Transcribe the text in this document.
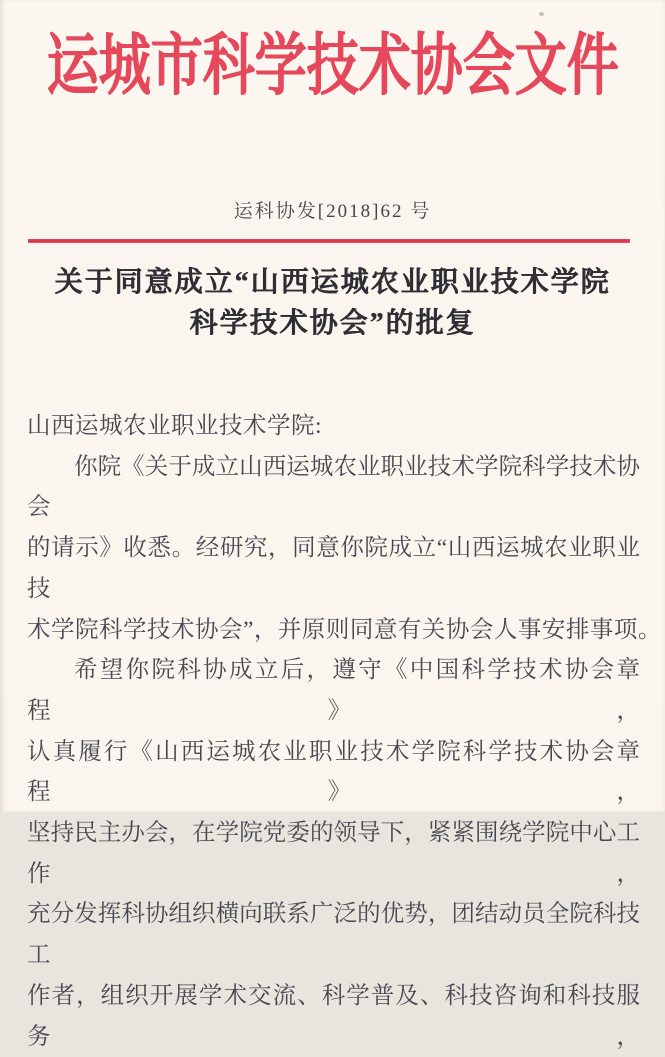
运城市科学技术协会文件
运科协发[2018]62 号
关于同意成立“山西运城农业职业技术学院
科学技术协会”的批复
山西运城农业职业技术学院:
你院《关于成立山西运城农业职业技术学院科学技术协会
的请示》收悉。经研究，同意你院成立“山西运城农业职业技
术学院科学技术协会”，并原则同意有关协会人事安排事项。
希望你院科协成立后，遵守《中国科学技术协会章程》，
认真履行《山西运城农业职业技术学院科学技术协会章程》，
坚持民主办会，在学院党委的领导下，紧紧围绕学院中心工作，
充分发挥科协组织横向联系广泛的优势，团结动员全院科技工
作者，组织开展学术交流、科学普及、科技咨询和科技服务，
